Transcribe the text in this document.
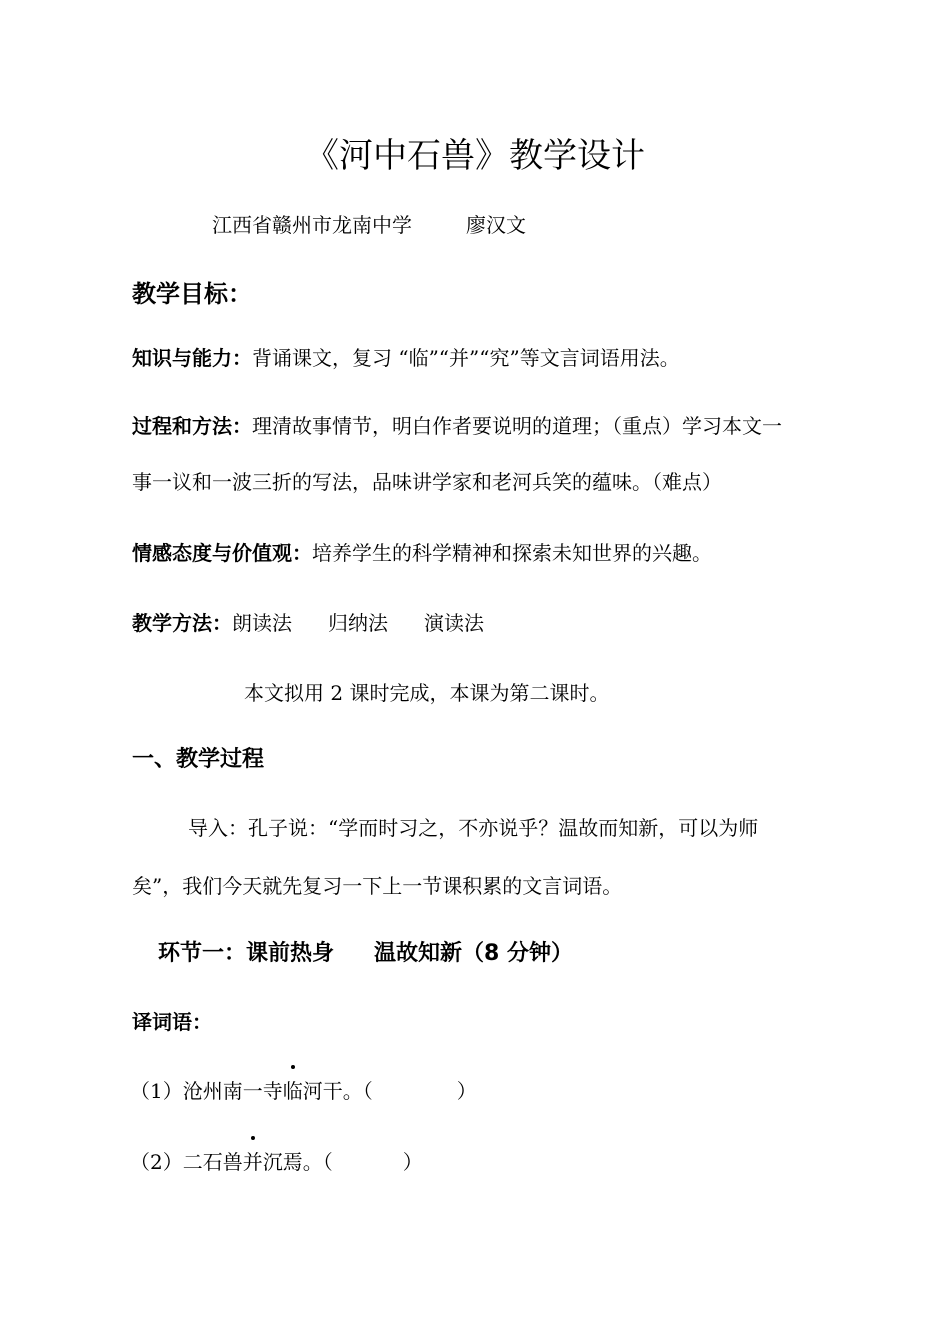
《河中石兽》教学设计
江西省赣州市龙南中学	廖汉文
教学目标：
知识与能力：背诵课文，复习 “临”“并”“究”等文言词语用法。
过程和方法：理清故事情节，明白作者要说明的道理；（重点）学习本文一
事一议和一波三折的写法，品味讲学家和老河兵笑的蕴味。（难点）
情感态度与价值观：培养学生的科学精神和探索未知世界的兴趣。
教学方法：朗读法 归纳法 演读法
本文拟用 2 课时完成，本课为第二课时。
一、教学过程
导入：孔子说：“学而时习之，不亦说乎？温故而知新，可以为师
矣”，我们今天就先复习一下上一节课积累的文言词语。
环节一：课前热身 温故知新（8 分钟）
译词语：
（1）沧州南一寺临河干。（	）
（2）二石兽并沉焉。（	）
